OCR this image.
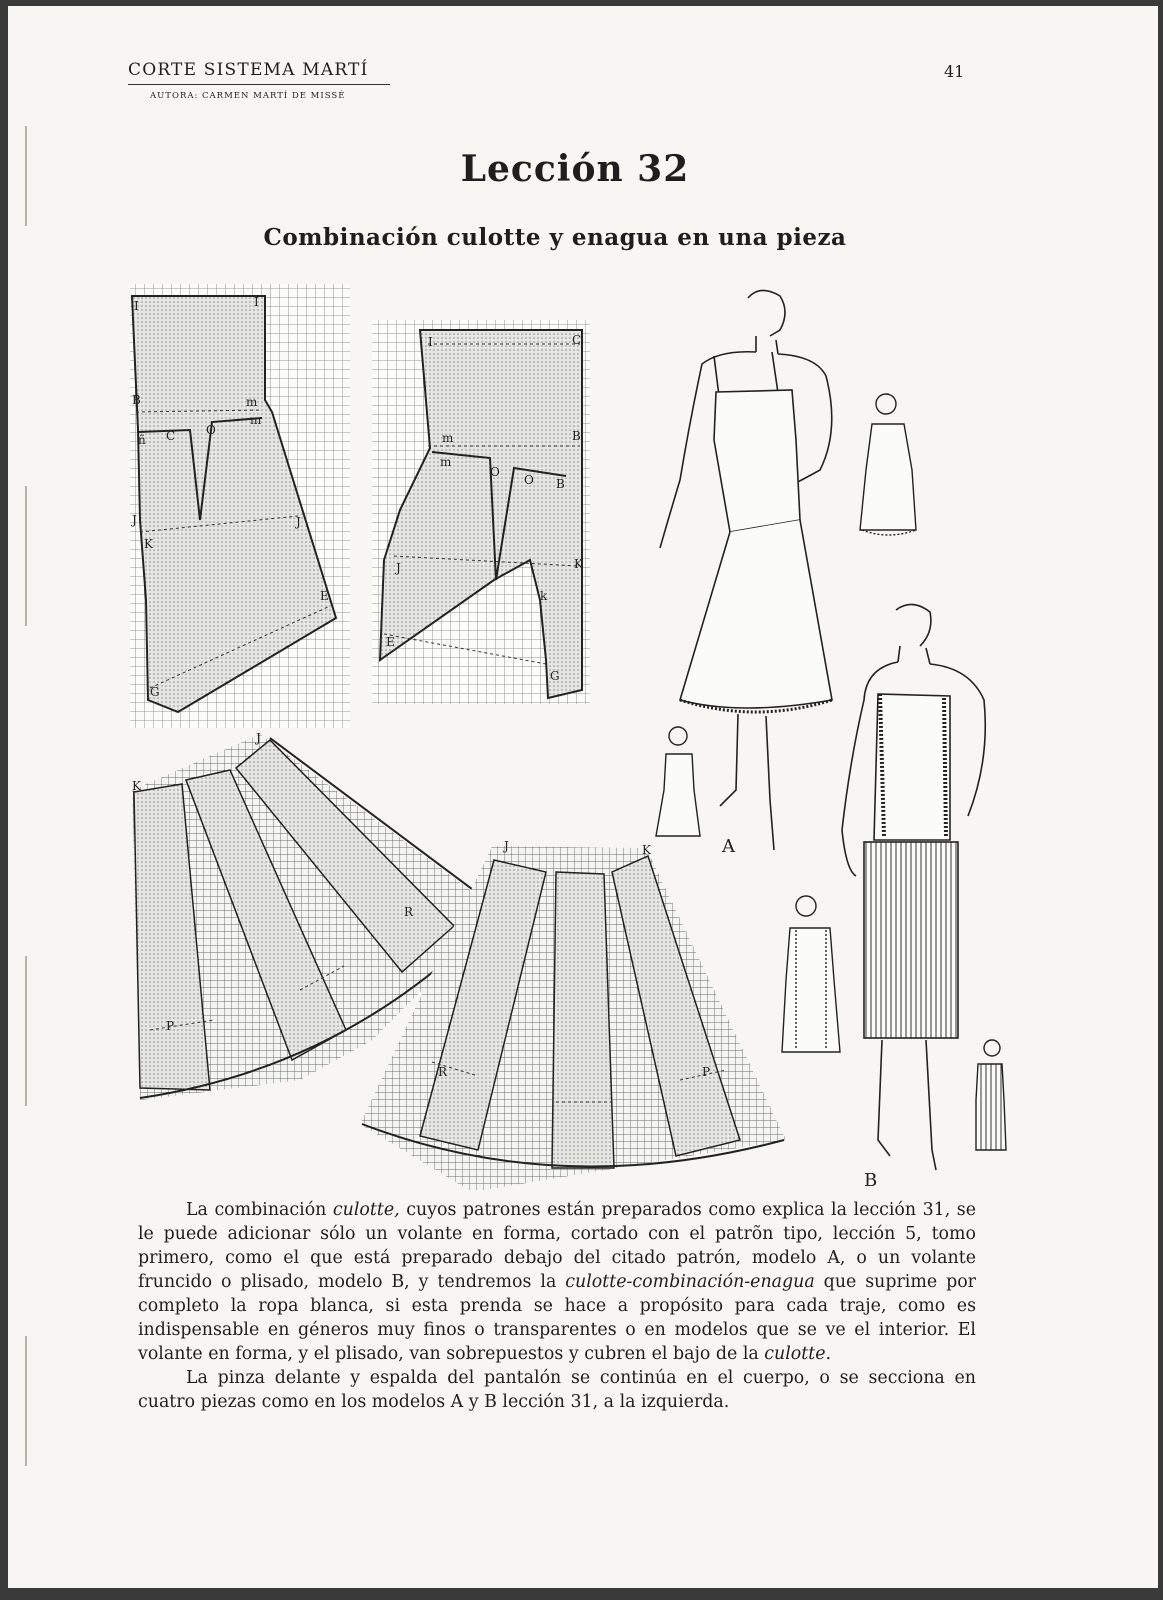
CORTE SISTEMA MARTÍ
AUTORA: CARMEN MARTÍ DE MISSÉ
41
Lección 32
Combinación culotte y enagua en una pieza
I	I
B	m
ñ C	O
m
J
K
J
E
G
I	C
m	B
m
O
O B
J	K
k
E
G
K
J
R
P
J	K
R	P
A
B

La combinación culotte, cuyos patrones están preparados como explica la lección 31, se le puede adicionar sólo un volante en forma, cortado con el patrõn tipo, lección 5, tomo primero, como el que está preparado debajo del citado patrón, modelo A, o un volante fruncido o plisado, modelo B, y tendremos la culotte-combinación-enagua que suprime por completo la ropa blanca, si esta prenda se hace a propósito para cada traje, como es indispensable en géneros muy finos o transparentes o en modelos que se ve el interior. El volante en forma, y el plisado, van sobrepuestos y cubren el bajo de la culotte.

La pinza delante y espalda del pantalón se continúa en el cuerpo, o se secciona en cuatro piezas como en los modelos A y B lección 31, a la izquierda.
